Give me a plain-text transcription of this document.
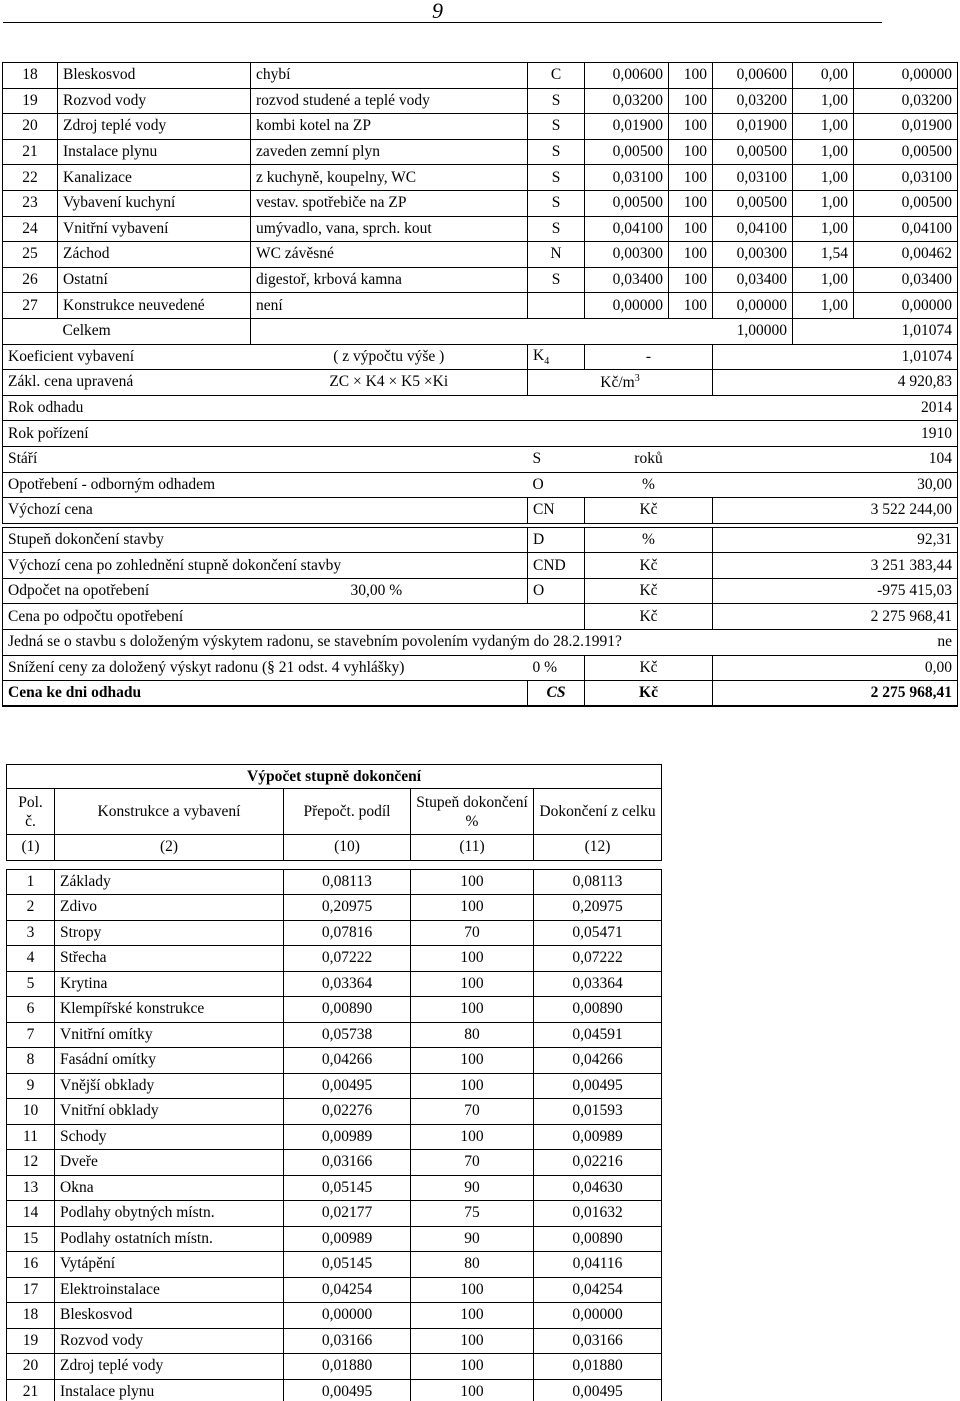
9
18	Bleskosvod	chybí	C	0,00600	100	0,00600	0,00	0,00000
19	Rozvod vody	rozvod studené a teplé vody	S	0,03200	100	0,03200	1,00	0,03200
20	Zdroj teplé vody	kombi kotel na ZP	S	0,01900	100	0,01900	1,00	0,01900
21	Instalace plynu	zaveden zemní plyn	S	0,00500	100	0,00500	1,00	0,00500
22	Kanalizace	z kuchyně, koupelny, WC	S	0,03100	100	0,03100	1,00	0,03100
23	Vybavení kuchyní	vestav. spotřebiče na ZP	S	0,00500	100	0,00500	1,00	0,00500
24	Vnitřní vybavení	umývadlo, vana, sprch. kout	S	0,04100	100	0,04100	1,00	0,04100
25	Záchod	WC závěsné	N	0,00300	100	0,00300	1,54	0,00462
26	Ostatní	digestoř, krbová kamna	S	0,03400	100	0,03400	1,00	0,03400
27	Konstrukce neuvedené	není		0,00000	100	0,00000	1,00	0,00000
	Celkem					1,00000	1,01074	
Koeficient vybavení		( z výpočtu výše )	$K_4$	-		1,01074		
Zákl. cena upravená		ZC × K4 × K5 ×Ki	$Kč/m^3$			4 920,83		
Rok odhadu						2014		
Rok pořízení						1910		
Stáří			S	roků		104		
Opotřebení - odborným odhadem			O	%		30,00		
Výchozí cena			CN	Kč		3 522 244,00		

Stupeň dokončení stavby			D	%		92,31		
Výchozí cena po zohlednění stupně dokončení stavby			CND	Kč		3 251 383,44		
Odpočet na opotřebení		30,00 %	O	Kč		-975 415,03		
Cena po odpočtu opotřebení				Kč		2 275 968,41		
Jedná se o stavbu s doloženým výskytem radonu, se stavebním povolením vydaným do 28.2.1991?								ne
Snížení ceny za doložený výskyt radonu (§ 21 odst. 4 vyhlášky)			0 %	Kč		0,00		
Cena ke dni odhadu			CS	Kč		2 275 968,41		
Výpočet stupně dokončení				
Pol. č.	Konstrukce a vybavení	Přepočt. podíl	Stupeň dokončení %	Dokončení z celku
(1)	(2)	(10)	(11)	(12)

1	Základy	0,08113	100	0,08113
2	Zdivo	0,20975	100	0,20975
3	Stropy	0,07816	70	0,05471
4	Střecha	0,07222	100	0,07222
5	Krytina	0,03364	100	0,03364
6	Klempířské konstrukce	0,00890	100	0,00890
7	Vnitřní omítky	0,05738	80	0,04591
8	Fasádní omítky	0,04266	100	0,04266
9	Vnější obklady	0,00495	100	0,00495
10	Vnitřní obklady	0,02276	70	0,01593
11	Schody	0,00989	100	0,00989
12	Dveře	0,03166	70	0,02216
13	Okna	0,05145	90	0,04630
14	Podlahy obytných místn.	0,02177	75	0,01632
15	Podlahy ostatních místn.	0,00989	90	0,00890
16	Vytápění	0,05145	80	0,04116
17	Elektroinstalace	0,04254	100	0,04254
18	Bleskosvod	0,00000	100	0,00000
19	Rozvod vody	0,03166	100	0,03166
20	Zdroj teplé vody	0,01880	100	0,01880
21	Instalace plynu	0,00495	100	0,00495
